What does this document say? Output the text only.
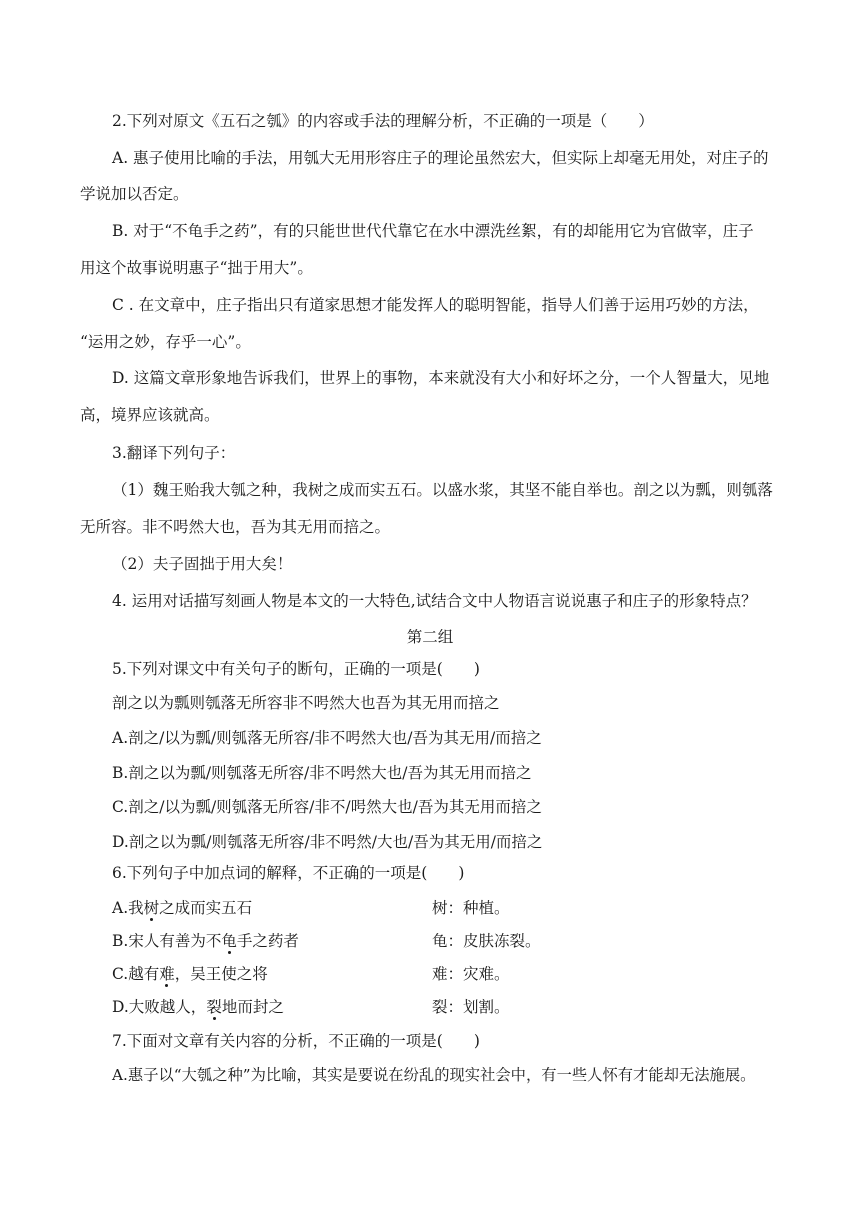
2.下列对原文《五石之瓠》的内容或手法的理解分析，不正确的一项是（　　）
A. 惠子使用比喻的手法，用瓠大无用形容庄子的理论虽然宏大，但实际上却毫无用处，对庄子的
学说加以否定。
B. 对于“不龟手之药”，有的只能世世代代靠它在水中漂洗丝絮，有的却能用它为官做宰，庄子
用这个故事说明惠子“拙于用大”。
C . 在文章中，庄子指出只有道家思想才能发挥人的聪明智能，指导人们善于运用巧妙的方法，
“运用之妙，存乎一心”。
D. 这篇文章形象地告诉我们，世界上的事物，本来就没有大小和好坏之分，一个人智量大，见地
高，境界应该就高。
3.翻译下列句子：
（1）魏王贻我大瓠之种，我树之成而实五石。以盛水浆，其坚不能自举也。剖之以为瓢，则瓠落
无所容。非不呺然大也，吾为其无用而掊之。
（2）夫子固拙于用大矣！
4. 运用对话描写刻画人物是本文的一大特色,试结合文中人物语言说说惠子和庄子的形象特点？
第二组
5.下列对课文中有关句子的断句，正确的一项是(　　)
剖之以为瓢则瓠落无所容非不呺然大也吾为其无用而掊之
A.剖之/以为瓢/则瓠落无所容/非不呺然大也/吾为其无用/而掊之
B.剖之以为瓢/则瓠落无所容/非不呺然大也/吾为其无用而掊之
C.剖之/以为瓢/则瓠落无所容/非不/呺然大也/吾为其无用而掊之
D.剖之以为瓢/则瓠落无所容/非不呺然/大也/吾为其无用/而掊之
6.下列句子中加点词的解释，不正确的一项是(　　)
A.我树之成而实五石	树：种植。
B.宋人有善为不龟手之药者	龟：皮肤冻裂。
C.越有难，吴王使之将	难：灾难。
D.大败越人，裂地而封之	裂：划割。
7.下面对文章有关内容的分析，不正确的一项是(　　)
A.惠子以“大瓠之种”为比喻，其实是要说在纷乱的现实社会中，有一些人怀有才能却无法施展。
